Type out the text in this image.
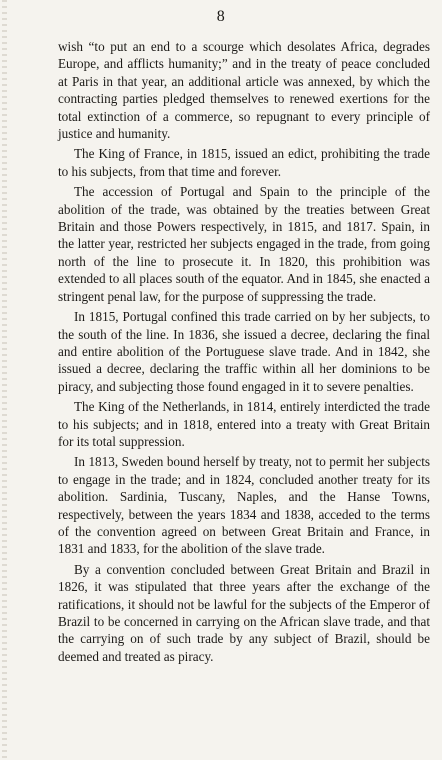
8

wish “to put an end to a scourge which desolates Africa, degrades Europe, and afflicts humanity;” and in the treaty of peace concluded at Paris in that year, an additional article was annexed, by which the contracting parties pledged themselves to renewed exertions for the total extinction of a commerce, so repugnant to every principle of justice and humanity.

The King of France, in 1815, issued an edict, prohibiting the trade to his subjects, from that time and forever.

The accession of Portugal and Spain to the principle of the abolition of the trade, was obtained by the treaties between Great Britain and those Powers respectively, in 1815, and 1817. Spain, in the latter year, restricted her subjects engaged in the trade, from going north of the line to prosecute it. In 1820, this prohibition was extended to all places south of the equator. And in 1845, she enacted a stringent penal law, for the purpose of suppressing the trade.

In 1815, Portugal confined this trade carried on by her subjects, to the south of the line. In 1836, she issued a decree, declaring the final and entire abolition of the Portuguese slave trade. And in 1842, she issued a decree, declaring the traffic within all her dominions to be piracy, and subjecting those found engaged in it to severe penalties.

The King of the Netherlands, in 1814, entirely interdicted the trade to his subjects; and in 1818, entered into a treaty with Great Britain for its total suppression.

In 1813, Sweden bound herself by treaty, not to permit her subjects to engage in the trade; and in 1824, concluded another treaty for its abolition. Sardinia, Tuscany, Naples, and the Hanse Towns, respectively, between the years 1834 and 1838, acceded to the terms of the convention agreed on between Great Britain and France, in 1831 and 1833, for the abolition of the slave trade.

By a convention concluded between Great Britain and Brazil in 1826, it was stipulated that three years after the exchange of the ratifications, it should not be lawful for the subjects of the Emperor of Brazil to be concerned in carrying on the African slave trade, and that the carrying on of such trade by any subject of Brazil, should be deemed and treated as piracy.
